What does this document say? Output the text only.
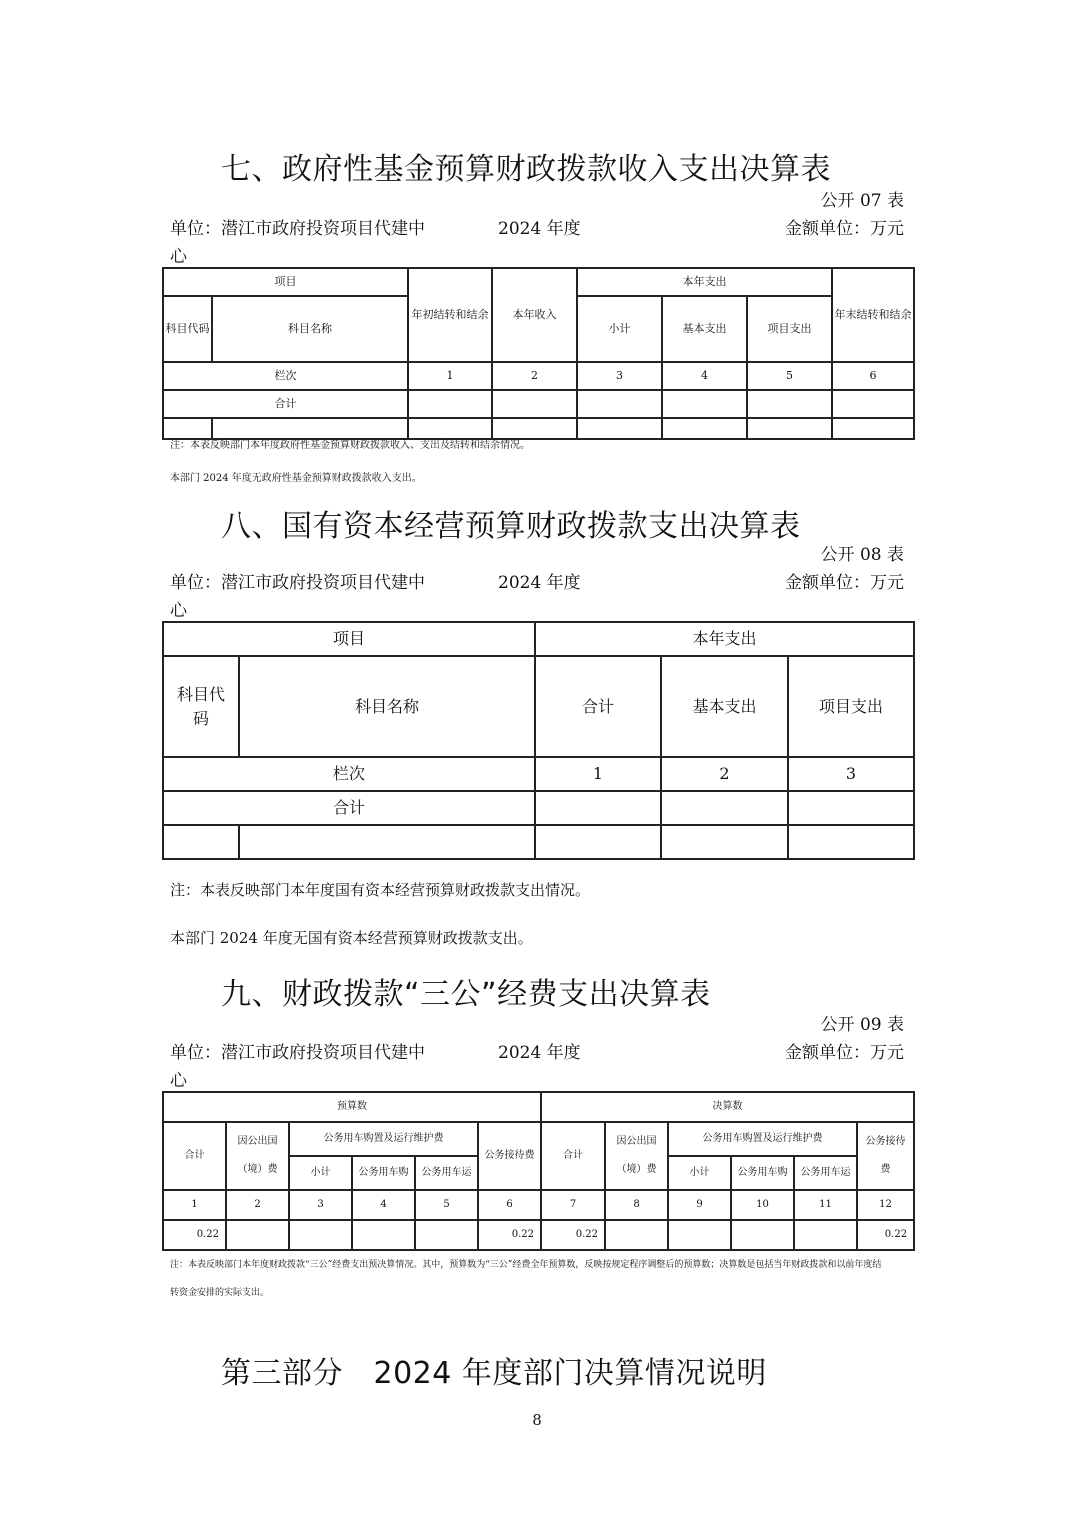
七、政府性基金预算财政拨款收入支出决算表
公开 07 表
单位：潜江市政府投资项目代建中	2024 年度	金额单位：万元
心
项目		年初结转和结余	本年收入	本年支出			年末结转和结余
科目代码	科目名称			小计	基本支出	项目支出	
栏次		1	2	3	4	5	6
合计							

注：本表反映部门本年度政府性基金预算财政拨款收入、支出及结转和结余情况。
本部门 2024 年度无政府性基金预算财政拨款收入支出。
八、国有资本经营预算财政拨款支出决算表
公开 08 表
单位：潜江市政府投资项目代建中	2024 年度	金额单位：万元
心
项目		本年支出		
科目代码	科目名称	合计	基本支出	项目支出
栏次		1	2	3
合计				

注：本表反映部门本年度国有资本经营预算财政拨款支出情况。
本部门 2024 年度无国有资本经营预算财政拨款支出。
九、财政拨款“三公”经费支出决算表
公开 09 表
单位：潜江市政府投资项目代建中	2024 年度	金额单位：万元
心
预算数						决算数					
合计	因公出国（境）费	公务用车购置及运行维护费			公务接待费	合计	因公出国（境）费	公务用车购置及运行维护费			公务接待费
		小计	公务用车购	公务用车运				小计	公务用车购	公务用车运	
1	2	3	4	5	6	7	8	9	10	11	12
0.22					0.22	0.22					0.22
注：本表反映部门本年度财政拨款“三公”经费支出预决算情况。其中，预算数为“三公”经费全年预算数，反映按规定程序调整后的预算数；决算数是包括当年财政拨款和以前年度结
转资金安排的实际支出。
第三部分　2024 年度部门决算情况说明
8
